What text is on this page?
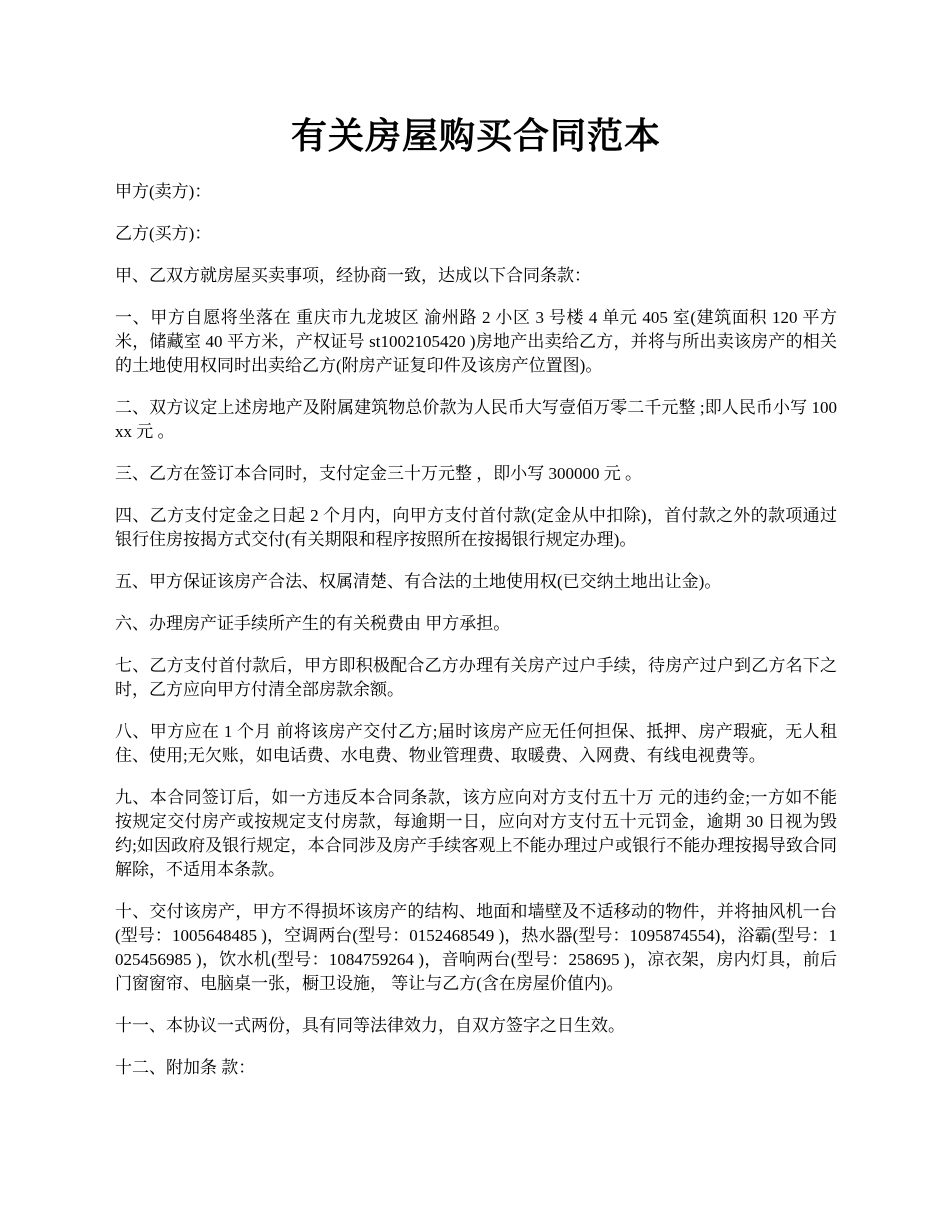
有关房屋购买合同范本

甲方(卖方)：

乙方(买方)：

甲、乙双方就房屋买卖事项，经协商一致，达成以下合同条款：

一、甲方自愿将坐落在 重庆市九龙坡区 渝州路 2 小区 3 号楼 4 单元 405 室(建筑面积 120 平方米，储藏室 40 平方米，产权证号 st1002105420 )房地产出卖给乙方，并将与所出卖该房产的相关的土地使用权同时出卖给乙方(附房产证复印件及该房产位置图)。

二、双方议定上述房地产及附属建筑物总价款为人民币大写壹佰万零二千元整 ;即人民币小写 100xx 元 。

三、乙方在签订本合同时，支付定金三十万元整 ，即小写 300000 元 。

四、乙方支付定金之日起 2 个月内，向甲方支付首付款(定金从中扣除)，首付款之外的款项通过银行住房按揭方式交付(有关期限和程序按照所在按揭银行规定办理)。

五、甲方保证该房产合法、权属清楚、有合法的土地使用权(已交纳土地出让金)。

六、办理房产证手续所产生的有关税费由 甲方承担。

七、乙方支付首付款后，甲方即积极配合乙方办理有关房产过户手续，待房产过户到乙方名下之时，乙方应向甲方付清全部房款余额。

八、甲方应在 1 个月 前将该房产交付乙方;届时该房产应无任何担保、抵押、房产瑕疵，无人租住、使用;无欠账，如电话费、水电费、物业管理费、取暖费、入网费、有线电视费等。

九、本合同签订后，如一方违反本合同条款，该方应向对方支付五十万 元的违约金;一方如不能按规定交付房产或按规定支付房款，每逾期一日，应向对方支付五十元罚金，逾期 30 日视为毁约;如因政府及银行规定，本合同涉及房产手续客观上不能办理过户或银行不能办理按揭导致合同解除，不适用本条款。

十、交付该房产，甲方不得损坏该房产的结构、地面和墙壁及不适移动的物件，并将抽风机一台(型号：1005648485 )，空调两台(型号：0152468549 )，热水器(型号：1095874554)，浴霸(型号：1025456985 )，饮水机(型号：1084759264 )，音响两台(型号：258695 )，凉衣架，房内灯具，前后门窗窗帘、电脑桌一张，橱卫设施， 等让与乙方(含在房屋价值内)。

十一、本协议一式两份，具有同等法律效力，自双方签字之日生效。

十二、附加条 款：
